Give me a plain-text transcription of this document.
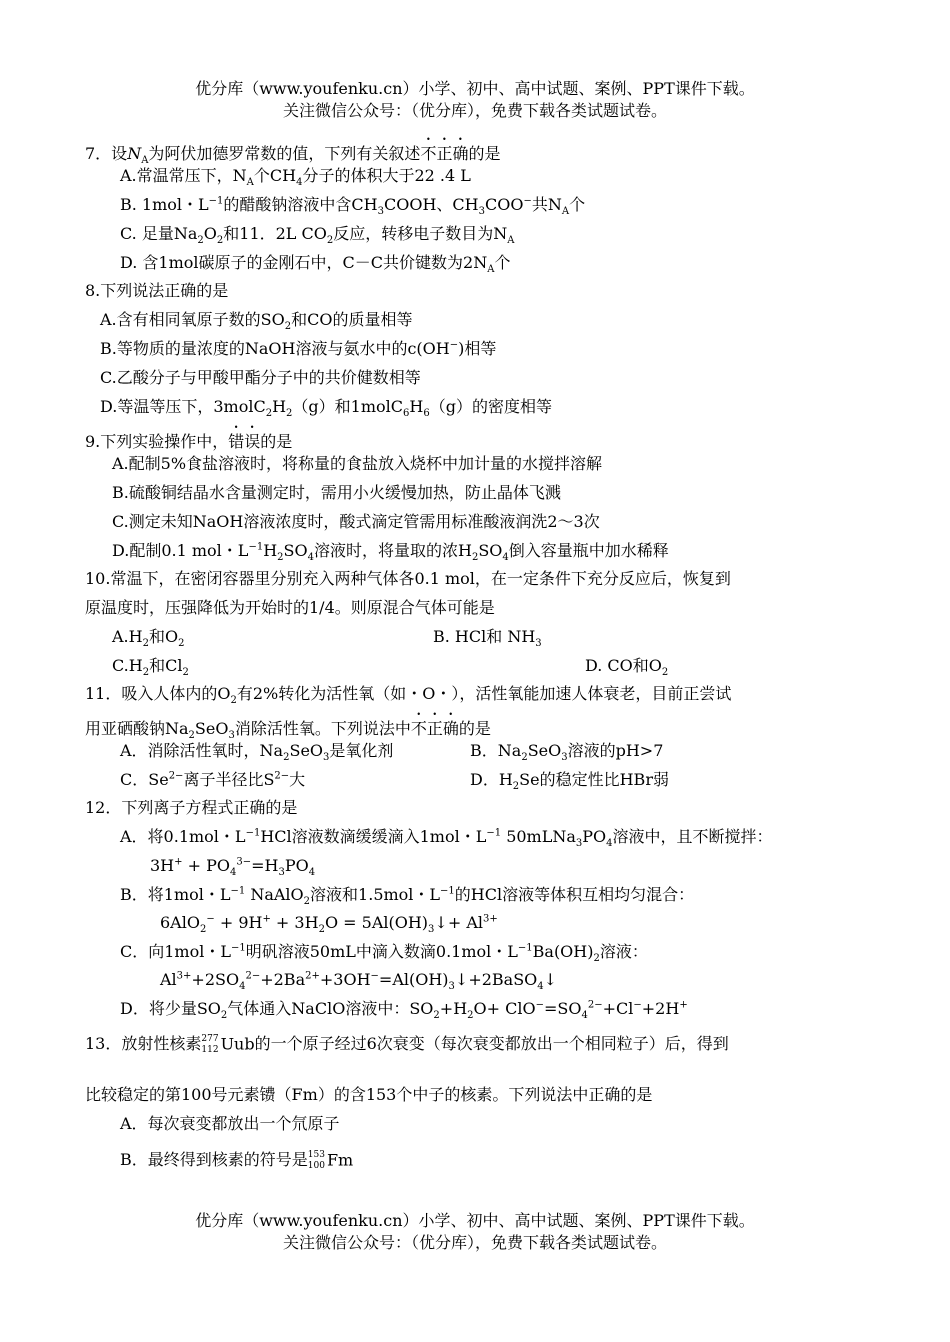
优分库（www.youfenku.cn）小学、初中、高中试题、案例、PPT课件下载。
关注微信公众号：（优分库），免费下载各类试题试卷。
7．设$N_A$为阿伏加德罗常数的值，下列有关叙述不正确的是
A.常温常压下，$N_A$个$CH_4$分子的体积大于22 .4 L
B. 1mol・$L^{-1}$的醋酸钠溶液中含$CH_3COOH$、$CH_3COO^-$共$N_A$个
C. 足量$Na_2O_2$和11．2L $CO_2$反应，转移电子数目为$N_A$
D. 含1mol碳原子的金刚石中，C－C共价键数为$2N_A$个
8.下列说法正确的是
A.含有相同氧原子数的$SO_2$和CO的质量相等
B.等物质的量浓度的NaOH溶液与氨水中的c(OH−)相等
C.乙酸分子与甲酸甲酯分子中的共价健数相等
D.等温等压下，$3molC_2H_2(g)$和$1molC_6H_6(g)$的密度相等
9.下列实验操作中，错误的是
A.配制5%食盐溶液时，将称量的食盐放入烧杯中加计量的水搅拌溶解
B.硫酸铜结晶水含量测定时，需用小火缓慢加热，防止晶体飞溅
C.测定未知NaOH溶液浓度时，酸式滴定管需用标准酸液润洗2～3次
D.配制0.1 mol・$L^{-1}H_2SO_4$溶液时，将量取的浓$H_2SO_4$倒入容量瓶中加水稀释
10.常温下，在密闭容器里分别充入两种气体各0.1 mol，在一定条件下充分反应后，恢复到
原温度时，压强降低为开始时的1/4。则原混合气体可能是
$A.H_2$和$O_2$	B. HCl和 $NH_3$
$C.H_2$和$Cl_2$	D. CO和$O_2$
11．吸入人体内的$O_2$有2%转化为活性氧（如・O・），活性氧能加速人体衰老，目前正尝试
用亚硒酸钠$Na_2SeO_3$消除活性氧。下列说法中不正确的是
A．消除活性氧时，$Na_2SeO_3$是氧化剂	B．$Na_2SeO_3$溶液的pH>7
C．$Se^{2-}$离子半径比$S^{2-}$大	D．$H_2Se$的稳定性比HBr弱
12．下列离子方程式正确的是
A．将0.1mol・$L^{-1}HCl$溶液数滴缓缓滴入1mol・$L^{-1}$ $50mLNa_3PO_4$溶液中，且不断搅拌：
$3H^+ + PO_4^{3-}=H_3PO_4$
B．将1mol・$L^{-1}$ NaAlO$_2$溶液和1.5mol・$L^{-1}$的HCl溶液等体积互相均匀混合：
$6AlO_2^- + 9H^+ + 3H_2O$ = $5Al(OH)_3↓+ Al^{3+}$
C．向1mol・$L^{-1}$明矾溶液50mL中滴入数滴0.1mol・$L^{-1}Ba(OH)_2$溶液：
$Al^{3+}+2SO_4^{2-}+2Ba^{2+}+3OH^-=Al(OH)_3↓+2BaSO_4↓$
D．将少量$SO_2$气体通入NaClO溶液中：$SO_2+H_2O+ ClO^-=SO_4^{2-}+Cl^-+2H^+$
13．放射性核素 277
112 Uub的一个原子经过6次衰变（每次衰变都放出一个相同粒子）后，得到
比较稳定的第100号元素镄（Fm）的含153个中子的核素。下列说法中正确的是
A．每次衰变都放出一个氘原子
B．最终得到核素的符号是 153
100 Fm
优分库（www.youfenku.cn）小学、初中、高中试题、案例、PPT课件下载。
关注微信公众号：（优分库），免费下载各类试题试卷。
